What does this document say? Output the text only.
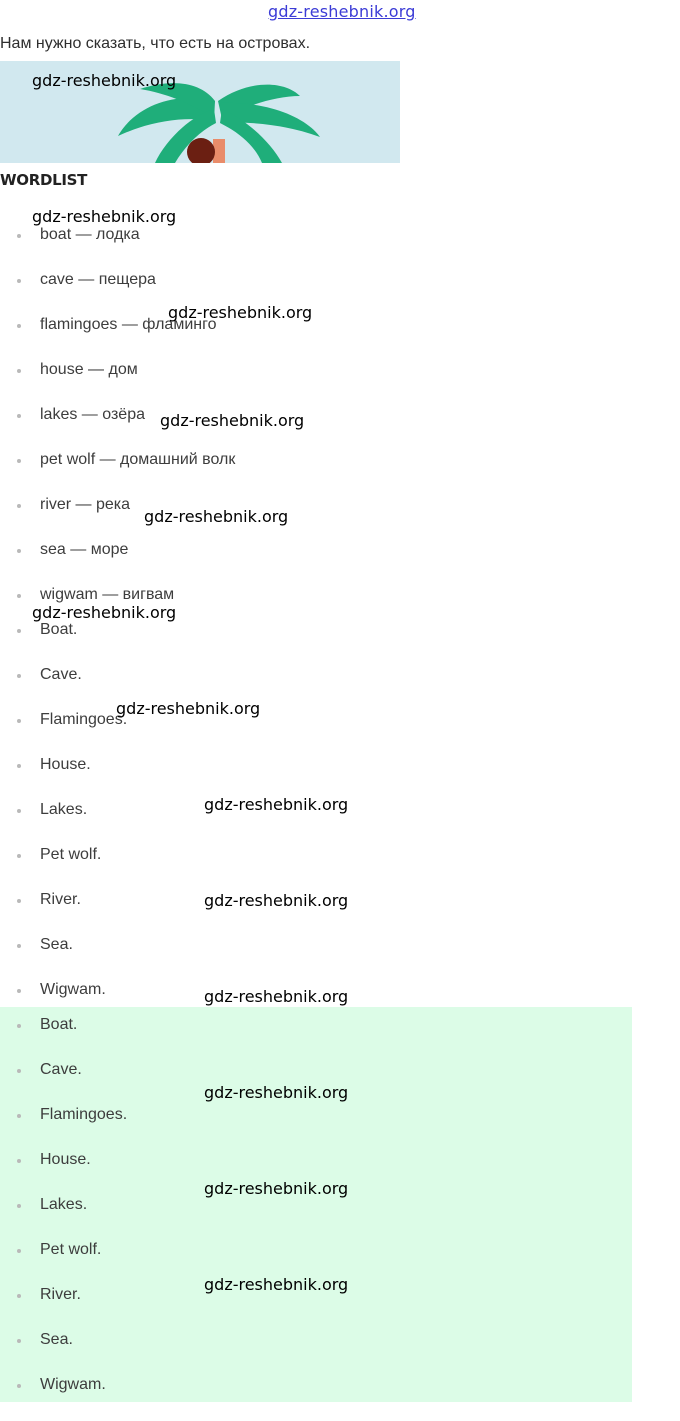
gdz-reshebnik.org

Нам нужно сказать, что есть на островах.

WORDLIST
boat — лодка
cave — пещера
flamingoes — фламинго
house — дом
lakes — озёра
pet wolf — домашний волк
river — река
sea — море
wigwam — вигвам
Boat.
Cave.
Flamingoes.
House.
Lakes.
Pet wolf.
River.
Sea.
Wigwam.
Boat.
Cave.
Flamingoes.
House.
Lakes.
Pet wolf.
River.
Sea.
Wigwam.
gdz-reshebnik.org
gdz-reshebnik.org
gdz-reshebnik.org
gdz-reshebnik.org
gdz-reshebnik.org
gdz-reshebnik.org
gdz-reshebnik.org
gdz-reshebnik.org
gdz-reshebnik.org
gdz-reshebnik.org
gdz-reshebnik.org
gdz-reshebnik.org
gdz-reshebnik.org
